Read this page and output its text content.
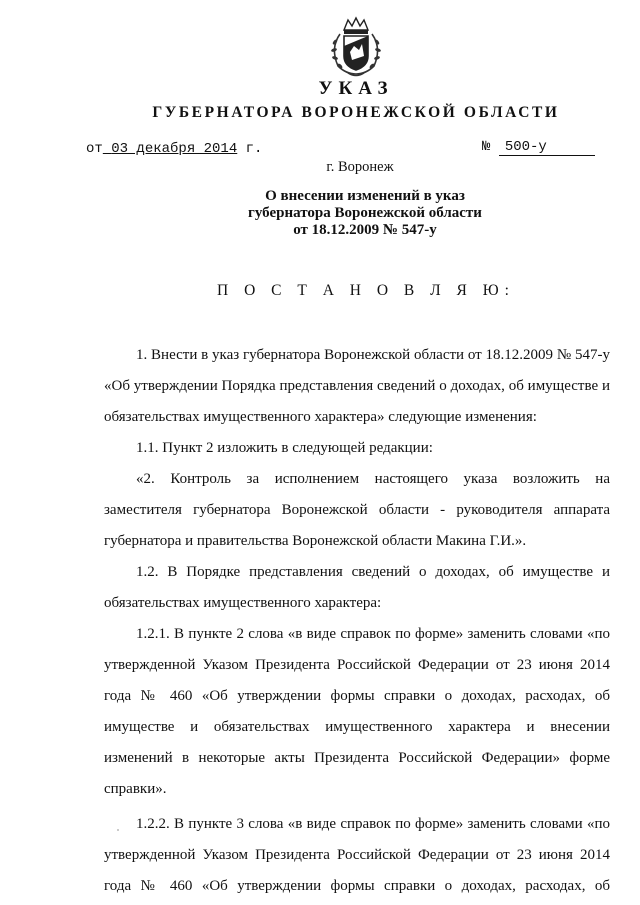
УКАЗ
ГУБЕРНАТОРА ВОРОНЕЖСКОЙ ОБЛАСТИ
от 03 декабря 2014 г.	№ 500-у
г. Воронеж
О внесении изменений в указ
губернатора Воронежской области
от 18.12.2009 № 547-у
П О С Т А Н О В Л Я Ю:

1. Внести в указ губернатора Воронежской области от 18.12.2009 № 547-у

«Об утверждении Порядка представления сведений о доходах, об имуществе и

обязательствах имущественного характера» следующие изменения:

1.1. Пункт 2 изложить в следующей редакции:

«2. Контроль за исполнением настоящего указа возложить на

заместителя губернатора Воронежской области - руководителя аппарата

губернатора и правительства Воронежской области Макина Г.И.».

1.2. В Порядке представления сведений о доходах, об имуществе и

обязательствах имущественного характера:

1.2.1. В пункте 2 слова «в виде справок по форме» заменить словами «по

утвержденной Указом Президента Российской Федерации от 23 июня 2014

года № 460 «Об утверждении формы справки о доходах, расходах, об

имуществе и обязательствах имущественного характера и внесении

изменений в некоторые акты Президента Российской Федерации» форме

справки».

1.2.2. В пункте 3 слова «в виде справок по форме» заменить словами «по

утвержденной Указом Президента Российской Федерации от 23 июня 2014

года № 460 «Об утверждении формы справки о доходах, расходах, об
